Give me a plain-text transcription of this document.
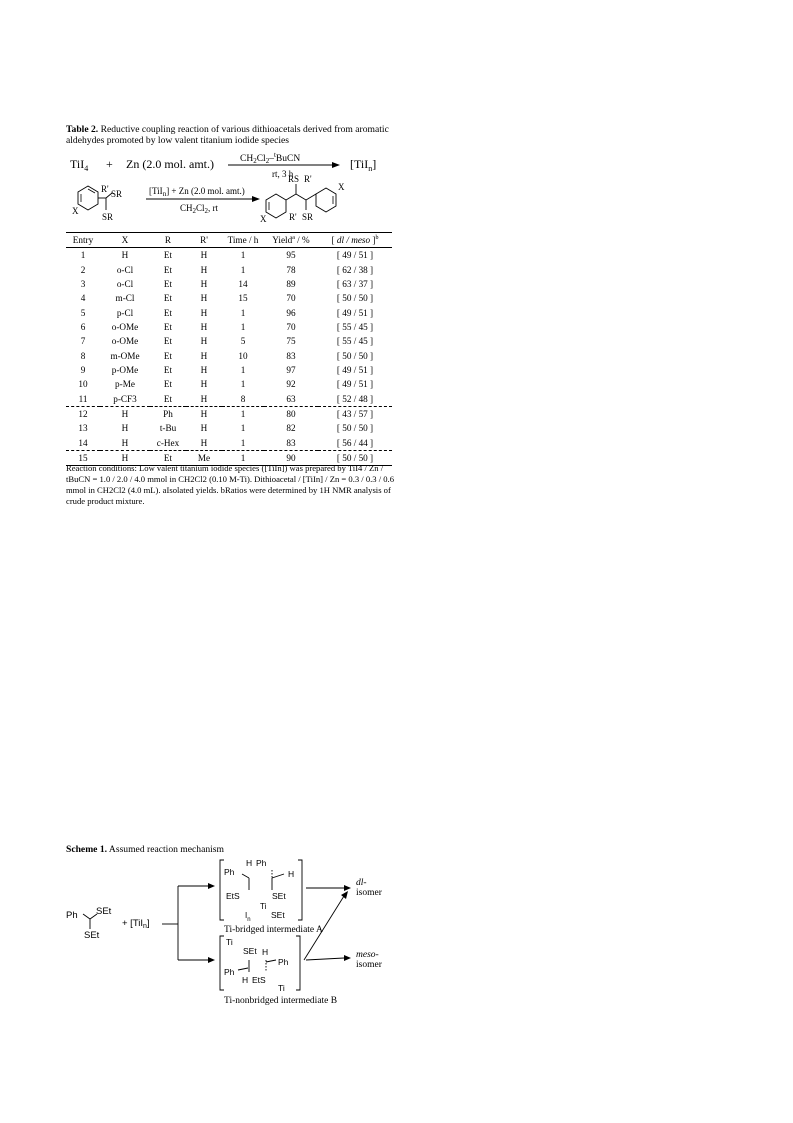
Table 2. Reductive coupling reaction of various dithioacetals derived from aromatic aldehydes promoted by low valent titanium iodide species
TiI$_4$ + Zn (2.0 mol. amt.)	$CH_2Cl_2-^tBuCN$
rt, 3 h
[TiI$_n$]
R' SR
SR
X
[TiI$_n$] + Zn (2.0 mol. amt.)
$CH_2Cl_2$, rt
RS R'
R' SR
X
X
Entry	X	R	R'	Time / h	Yield$^a$ / %	[ dl / meso ]$^b$
1	H	Et	H	1	95	[ 49 / 51 ]
2	o-Cl	Et	H	1	78	[ 62 / 38 ]
3	o-Cl	Et	H	14	89	[ 63 / 37 ]
4	m-Cl	Et	H	15	70	[ 50 / 50 ]
5	p-Cl	Et	H	1	96	[ 49 / 51 ]
6	o-OMe	Et	H	1	70	[ 55 / 45 ]
7	o-OMe	Et	H	5	75	[ 55 / 45 ]
8	m-OMe	Et	H	10	83	[ 50 / 50 ]
9	p-OMe	Et	H	1	97	[ 49 / 51 ]
10	p-Me	Et	H	1	92	[ 49 / 51 ]
11	p-CF3	Et	H	8	63	[ 52 / 48 ]
12	H	Ph	H	1	80	[ 43 / 57 ]
13	H	t-Bu	H	1	82	[ 50 / 50 ]
14	H	c-Hex	H	1	83	[ 56 / 44 ]
15	H	Et	Me	1	90	[ 50 / 50 ]
Reaction conditions: Low valent titanium iodide species ([TiIn]) was prepared by TiI4 / Zn / tBuCN = 1.0 / 2.0 / 4.0 mmol in CH2Cl2 (0.10 M-Ti). Dithioacetal / [TiIn] / Zn = 0.3 / 0.3 / 0.6 mmol in CH2Cl2 (4.0 mL). aIsolated yields. bRatios were determined by 1H NMR analysis of crude product mixture.
Scheme 1. Assumed reaction mechanism
Ph SEt
SEt
+ [TiI$_n$]
H Ph
Ph	H
EtS	SEt
Ti
$I_n$ SEt
Ti-bridged intermediate A
Ti
SEt H
Ph
Ph
H EtS
Ti
Ti-nonbridged intermediate B
dl-
isomer
meso-
isomer
